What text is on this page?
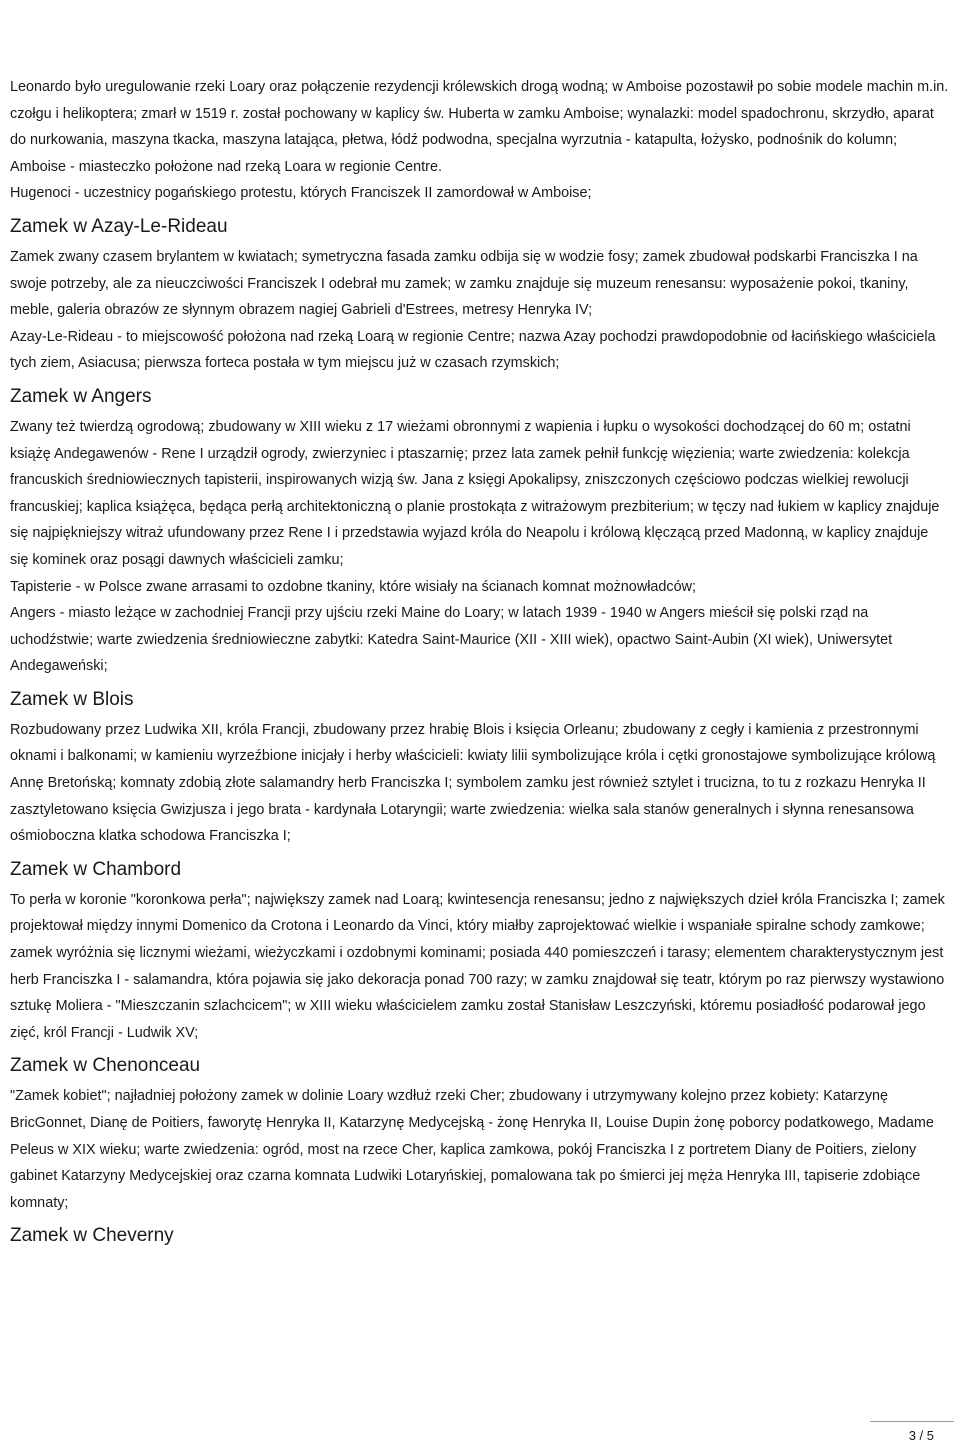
Leonardo było uregulowanie rzeki Loary oraz połączenie rezydencji królewskich drogą wodną; w Amboise pozostawił po sobie modele machin m.in. czołgu i helikoptera; zmarł w 1519 r. został pochowany w kaplicy św. Huberta w zamku Amboise; wynalazki: model spadochronu, skrzydło, aparat do nurkowania, maszyna tkacka, maszyna latająca, płetwa, łódź podwodna, specjalna wyrzutnia - katapulta, łożysko, podnośnik do kolumn;

Amboise - miasteczko położone nad rzeką Loara w regionie Centre.

Hugenoci - uczestnicy pogańskiego protestu, których Franciszek II zamordował w Amboise;

Zamek w Azay-Le-Rideau

Zamek zwany czasem brylantem w kwiatach; symetryczna fasada zamku odbija się w wodzie fosy; zamek zbudował podskarbi Franciszka I na swoje potrzeby, ale za nieuczciwości Franciszek I odebrał mu zamek; w zamku znajduje się muzeum renesansu: wyposażenie pokoi, tkaniny, meble, galeria obrazów ze słynnym obrazem nagiej Gabrieli d'Estrees, metresy Henryka IV;

Azay-Le-Rideau - to miejscowość położona nad rzeką Loarą w regionie Centre; nazwa Azay pochodzi prawdopodobnie od łacińskiego właściciela tych ziem, Asiacusa; pierwsza forteca postała w tym miejscu już w czasach rzymskich;

Zamek w Angers

Zwany też twierdzą ogrodową; zbudowany w XIII wieku z 17 wieżami obronnymi z wapienia i łupku o wysokości dochodzącej do 60 m; ostatni książę Andegawenów - Rene I urządził ogrody, zwierzyniec i ptaszarnię; przez lata zamek pełnił funkcję więzienia; warte zwiedzenia: kolekcja francuskich średniowiecznych tapisterii, inspirowanych wizją św. Jana z księgi Apokalipsy, zniszczonych częściowo podczas wielkiej rewolucji francuskiej; kaplica książęca, będąca perłą architektoniczną o planie prostokąta z witrażowym prezbiterium; w tęczy nad łukiem w kaplicy znajduje się najpiękniejszy witraż ufundowany przez Rene I i przedstawia wyjazd króla do Neapolu i królową klęczącą przed Madonną, w kaplicy znajduje się kominek oraz posągi dawnych właścicieli zamku;

Tapisterie - w Polsce zwane arrasami to ozdobne tkaniny, które wisiały na ścianach komnat możnowładców;

Angers - miasto leżące w zachodniej Francji przy ujściu rzeki Maine do Loary; w latach 1939 - 1940 w Angers mieścił się polski rząd na uchodźstwie; warte zwiedzenia średniowieczne zabytki: Katedra Saint-Maurice (XII - XIII wiek), opactwo Saint-Aubin (XI wiek), Uniwersytet Andegaweński;

Zamek w Blois

Rozbudowany przez Ludwika XII, króla Francji, zbudowany przez hrabię Blois i księcia Orleanu; zbudowany z cegły i kamienia z przestronnymi oknami i balkonami; w kamieniu wyrzeźbione inicjały i herby właścicieli: kwiaty lilii symbolizujące króla i cętki gronostajowe symbolizujące królową Annę Bretońską; komnaty zdobią złote salamandry herb Franciszka I; symbolem zamku jest również sztylet i trucizna, to tu z rozkazu Henryka II zasztyletowano księcia Gwizjusza i jego brata - kardynała Lotaryngii; warte zwiedzenia: wielka sala stanów generalnych i słynna renesansowa ośmioboczna klatka schodowa Franciszka I;

Zamek w Chambord

To perła w koronie "koronkowa perła"; największy zamek nad Loarą; kwintesencja renesansu; jedno z największych dzieł króla Franciszka I; zamek projektował między innymi Domenico da Crotona i Leonardo da Vinci, który miałby zaprojektować wielkie i wspaniałe spiralne schody zamkowe; zamek wyróżnia się licznymi wieżami, wieżyczkami i ozdobnymi kominami; posiada 440 pomieszczeń i tarasy; elementem charakterystycznym jest herb Franciszka I - salamandra, która pojawia się jako dekoracja ponad 700 razy; w zamku znajdował się teatr, którym po raz pierwszy wystawiono sztukę Moliera - "Mieszczanin szlachcicem"; w XIII wieku właścicielem zamku został Stanisław Leszczyński, któremu posiadłość podarował jego zięć, król Francji - Ludwik XV;

Zamek w Chenonceau

"Zamek kobiet"; najładniej położony zamek w dolinie Loary wzdłuż rzeki Cher; zbudowany i utrzymywany kolejno przez kobiety: Katarzynę BricGonnet, Dianę de Poitiers, faworytę Henryka II, Katarzynę Medycejską - żonę Henryka II, Louise Dupin żonę poborcy podatkowego, Madame Peleus w XIX wieku; warte zwiedzenia: ogród, most na rzece Cher, kaplica zamkowa, pokój Franciszka I z portretem Diany de Poitiers, zielony gabinet Katarzyny Medycejskiej oraz czarna komnata Ludwiki Lotaryńskiej, pomalowana tak po śmierci jej męża Henryka III, tapiserie zdobiące komnaty;

Zamek w Cheverny
3 / 5
